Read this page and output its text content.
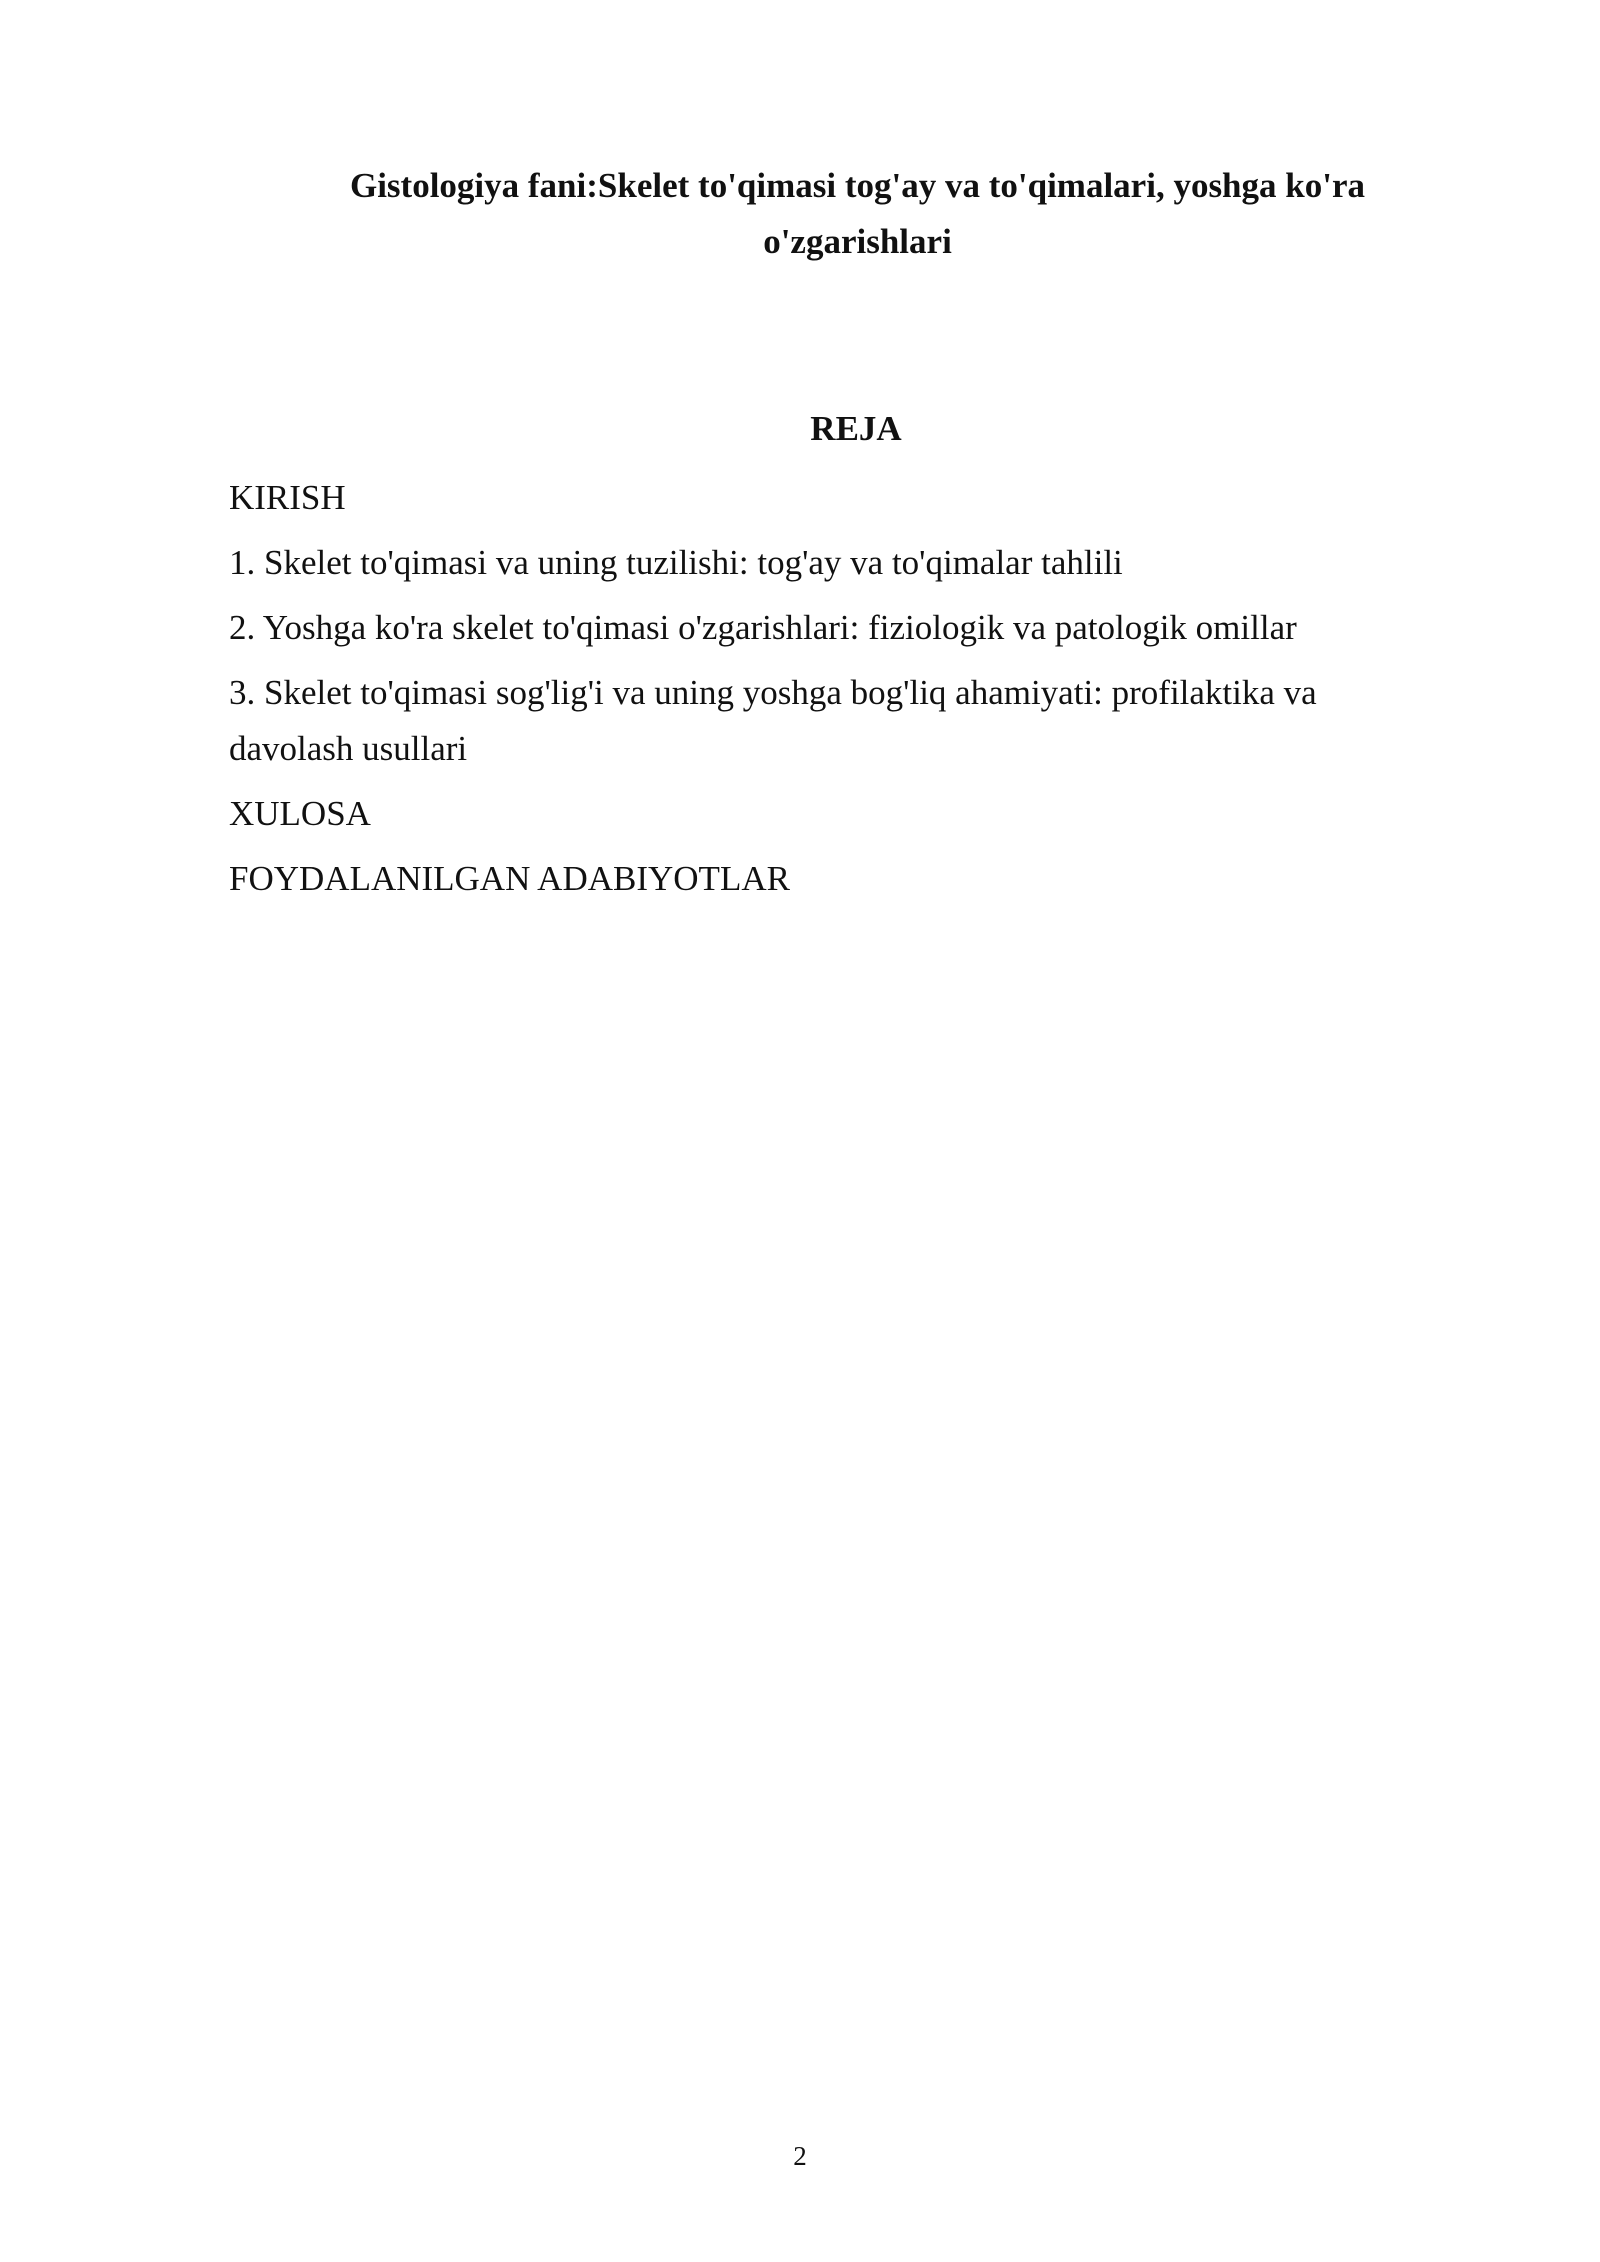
Gistologiya fani:Skelet to'qimasi tog'ay va to'qimalari, yoshga ko'ra o'zgarishlari
REJA
KIRISH
1. Skelet to'qimasi va uning tuzilishi: tog'ay va to'qimalar tahlili
2. Yoshga ko'ra skelet to'qimasi o'zgarishlari: fiziologik va patologik omillar
3. Skelet to'qimasi sog'lig'i va uning yoshga bog'liq ahamiyati: profilaktika va davolash usullari
XULOSA
FOYDALANILGAN ADABIYOTLAR
2
